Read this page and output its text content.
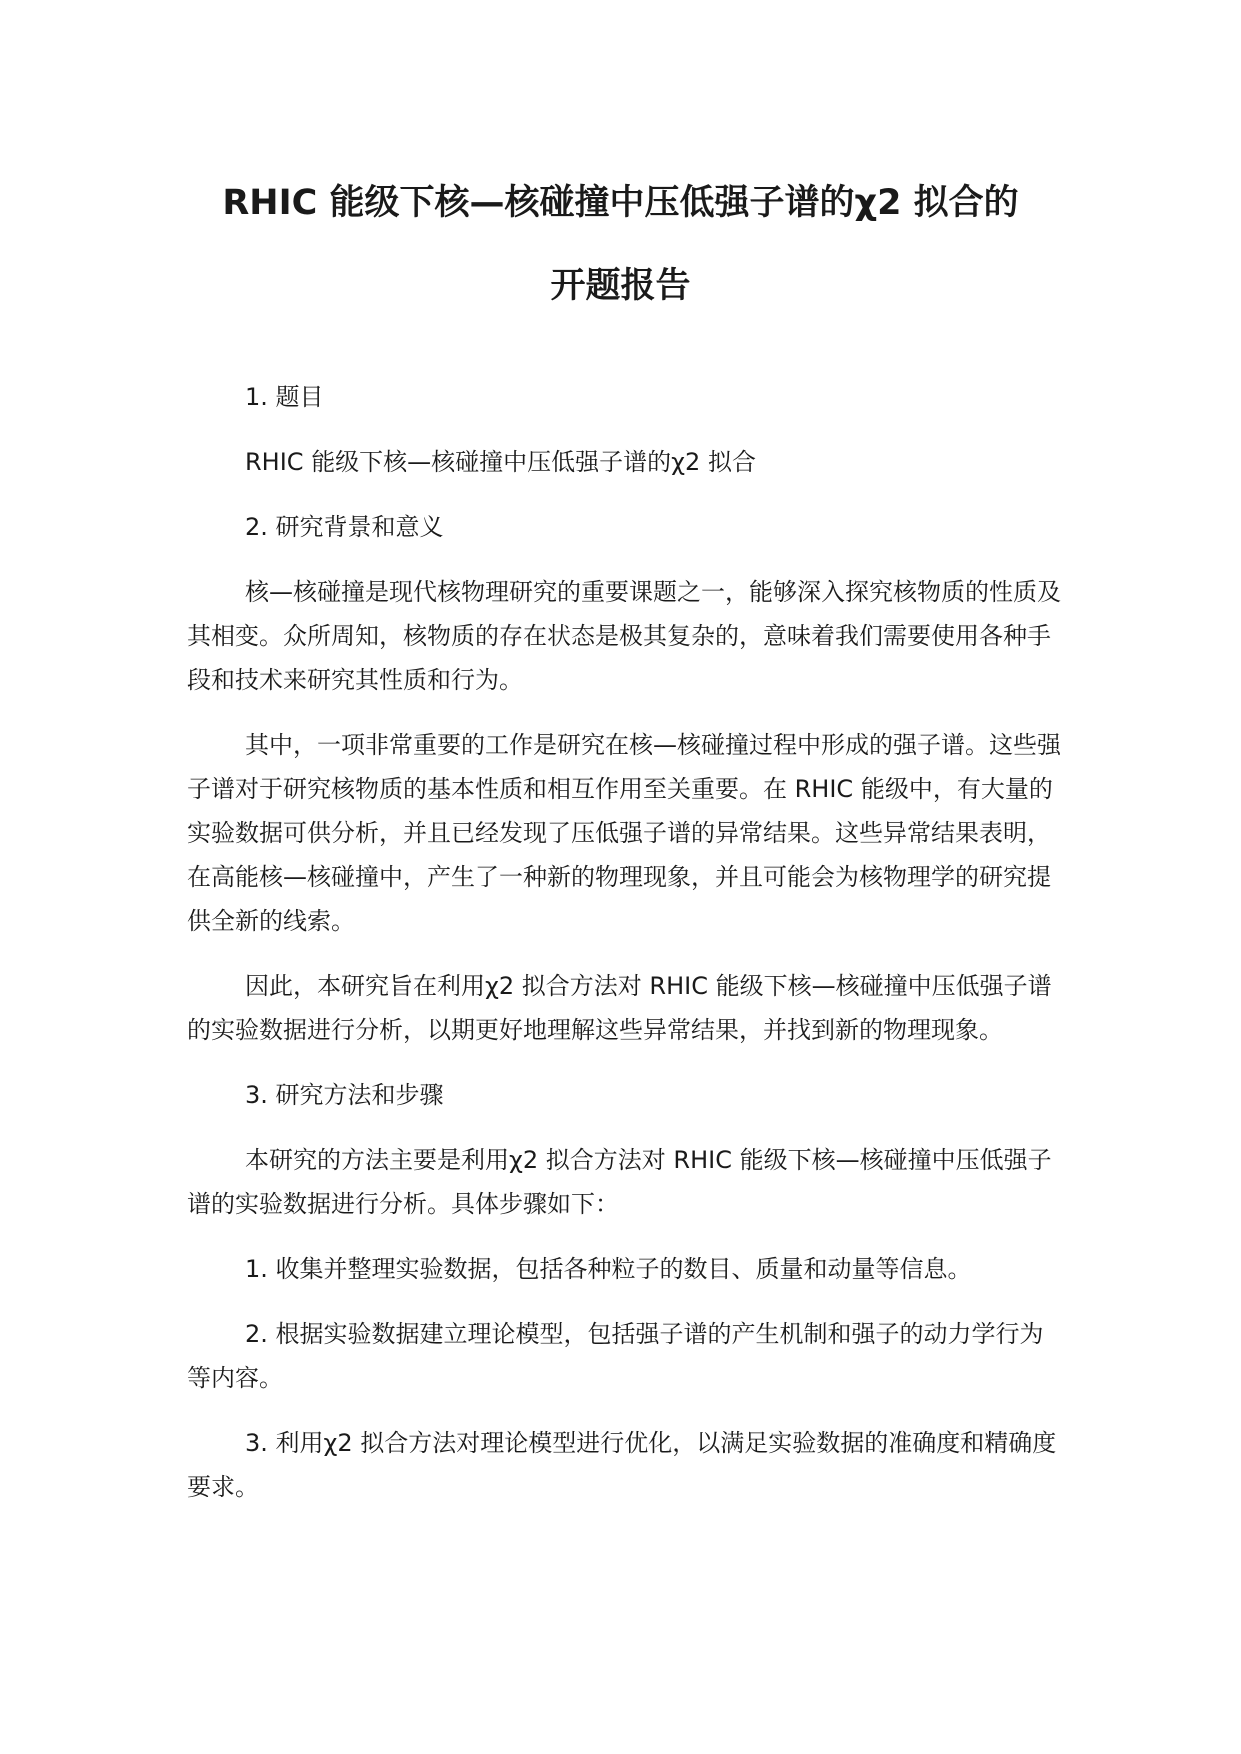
RHIC 能级下核—核碰撞中压低强子谱的χ2 拟合的
开题报告

1. 题目

RHIC 能级下核—核碰撞中压低强子谱的χ2 拟合

2. 研究背景和意义

核—核碰撞是现代核物理研究的重要课题之一，能够深入探究核物质的性质及其相变。众所周知，核物质的存在状态是极其复杂的，意味着我们需要使用各种手段和技术来研究其性质和行为。

其中，一项非常重要的工作是研究在核—核碰撞过程中形成的强子谱。这些强子谱对于研究核物质的基本性质和相互作用至关重要。在 RHIC 能级中，有大量的实验数据可供分析，并且已经发现了压低强子谱的异常结果。这些异常结果表明，在高能核—核碰撞中，产生了一种新的物理现象，并且可能会为核物理学的研究提供全新的线索。

因此，本研究旨在利用χ2 拟合方法对 RHIC 能级下核—核碰撞中压低强子谱的实验数据进行分析，以期更好地理解这些异常结果，并找到新的物理现象。

3. 研究方法和步骤

本研究的方法主要是利用χ2 拟合方法对 RHIC 能级下核—核碰撞中压低强子谱的实验数据进行分析。具体步骤如下：

1. 收集并整理实验数据，包括各种粒子的数目、质量和动量等信息。

2. 根据实验数据建立理论模型，包括强子谱的产生机制和强子的动力学行为等内容。

3. 利用χ2 拟合方法对理论模型进行优化，以满足实验数据的准确度和精确度要求。
